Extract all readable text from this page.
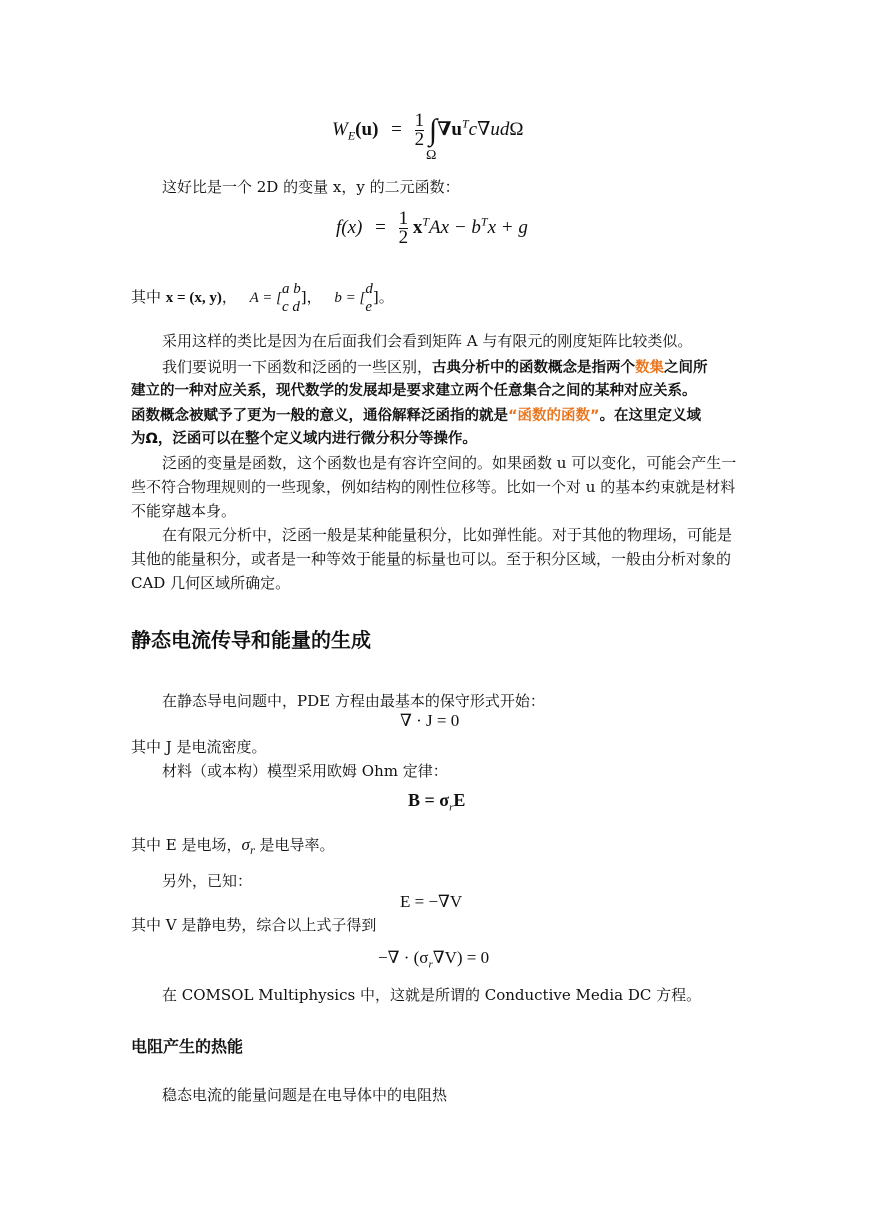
$W_E(u) = \frac{1}{2} \int\nabla u^Tc\nabla ud\Omega$
Ω
这好比是一个 2D 的变量 x，y 的二元函数：
$f(x) = \frac{1}{2} x^TAx - b^Tx + g$
其中 x = (x, y)， A = [
a b
c d
]， b = [
d
e
]。
采用这样的类比是因为在后面我们会看到矩阵 A 与有限元的刚度矩阵比较类似。
我们要说明一下函数和泛函的一些区别，古典分析中的函数概念是指两个数集之间所
建立的一种对应关系，现代数学的发展却是要求建立两个任意集合之间的某种对应关系。
函数概念被赋予了更为一般的意义，通俗解释泛函指的就是“函数的函数”。在这里定义域
为Ω，泛函可以在整个定义域内进行微分积分等操作。
泛函的变量是函数，这个函数也是有容许空间的。如果函数 u 可以变化，可能会产生一
些不符合物理规则的一些现象，例如结构的刚性位移等。比如一个对 u 的基本约束就是材料
不能穿越本身。
在有限元分析中，泛函一般是某种能量积分，比如弹性能。对于其他的物理场，可能是
其他的能量积分，或者是一种等效于能量的标量也可以。至于积分区域，一般由分析对象的
CAD 几何区域所确定。
静态电流传导和能量的生成
在静态导电问题中，PDE 方程由最基本的保守形式开始：
∇ · J = 0
其中 J 是电流密度。
材料（或本构）模型采用欧姆 Ohm 定律：
$B = \sigma_rE$
其中 E 是电场，$\sigma_r$ 是电导率。
另外，已知：
E = −∇V
其中 V 是静电势，综合以上式子得到
−∇ · $(\sigma_r\nabla V) = 0$
在 COMSOL Multiphysics 中，这就是所谓的 Conductive Media DC 方程。
电阻产生的热能
稳态电流的能量问题是在电导体中的电阻热
